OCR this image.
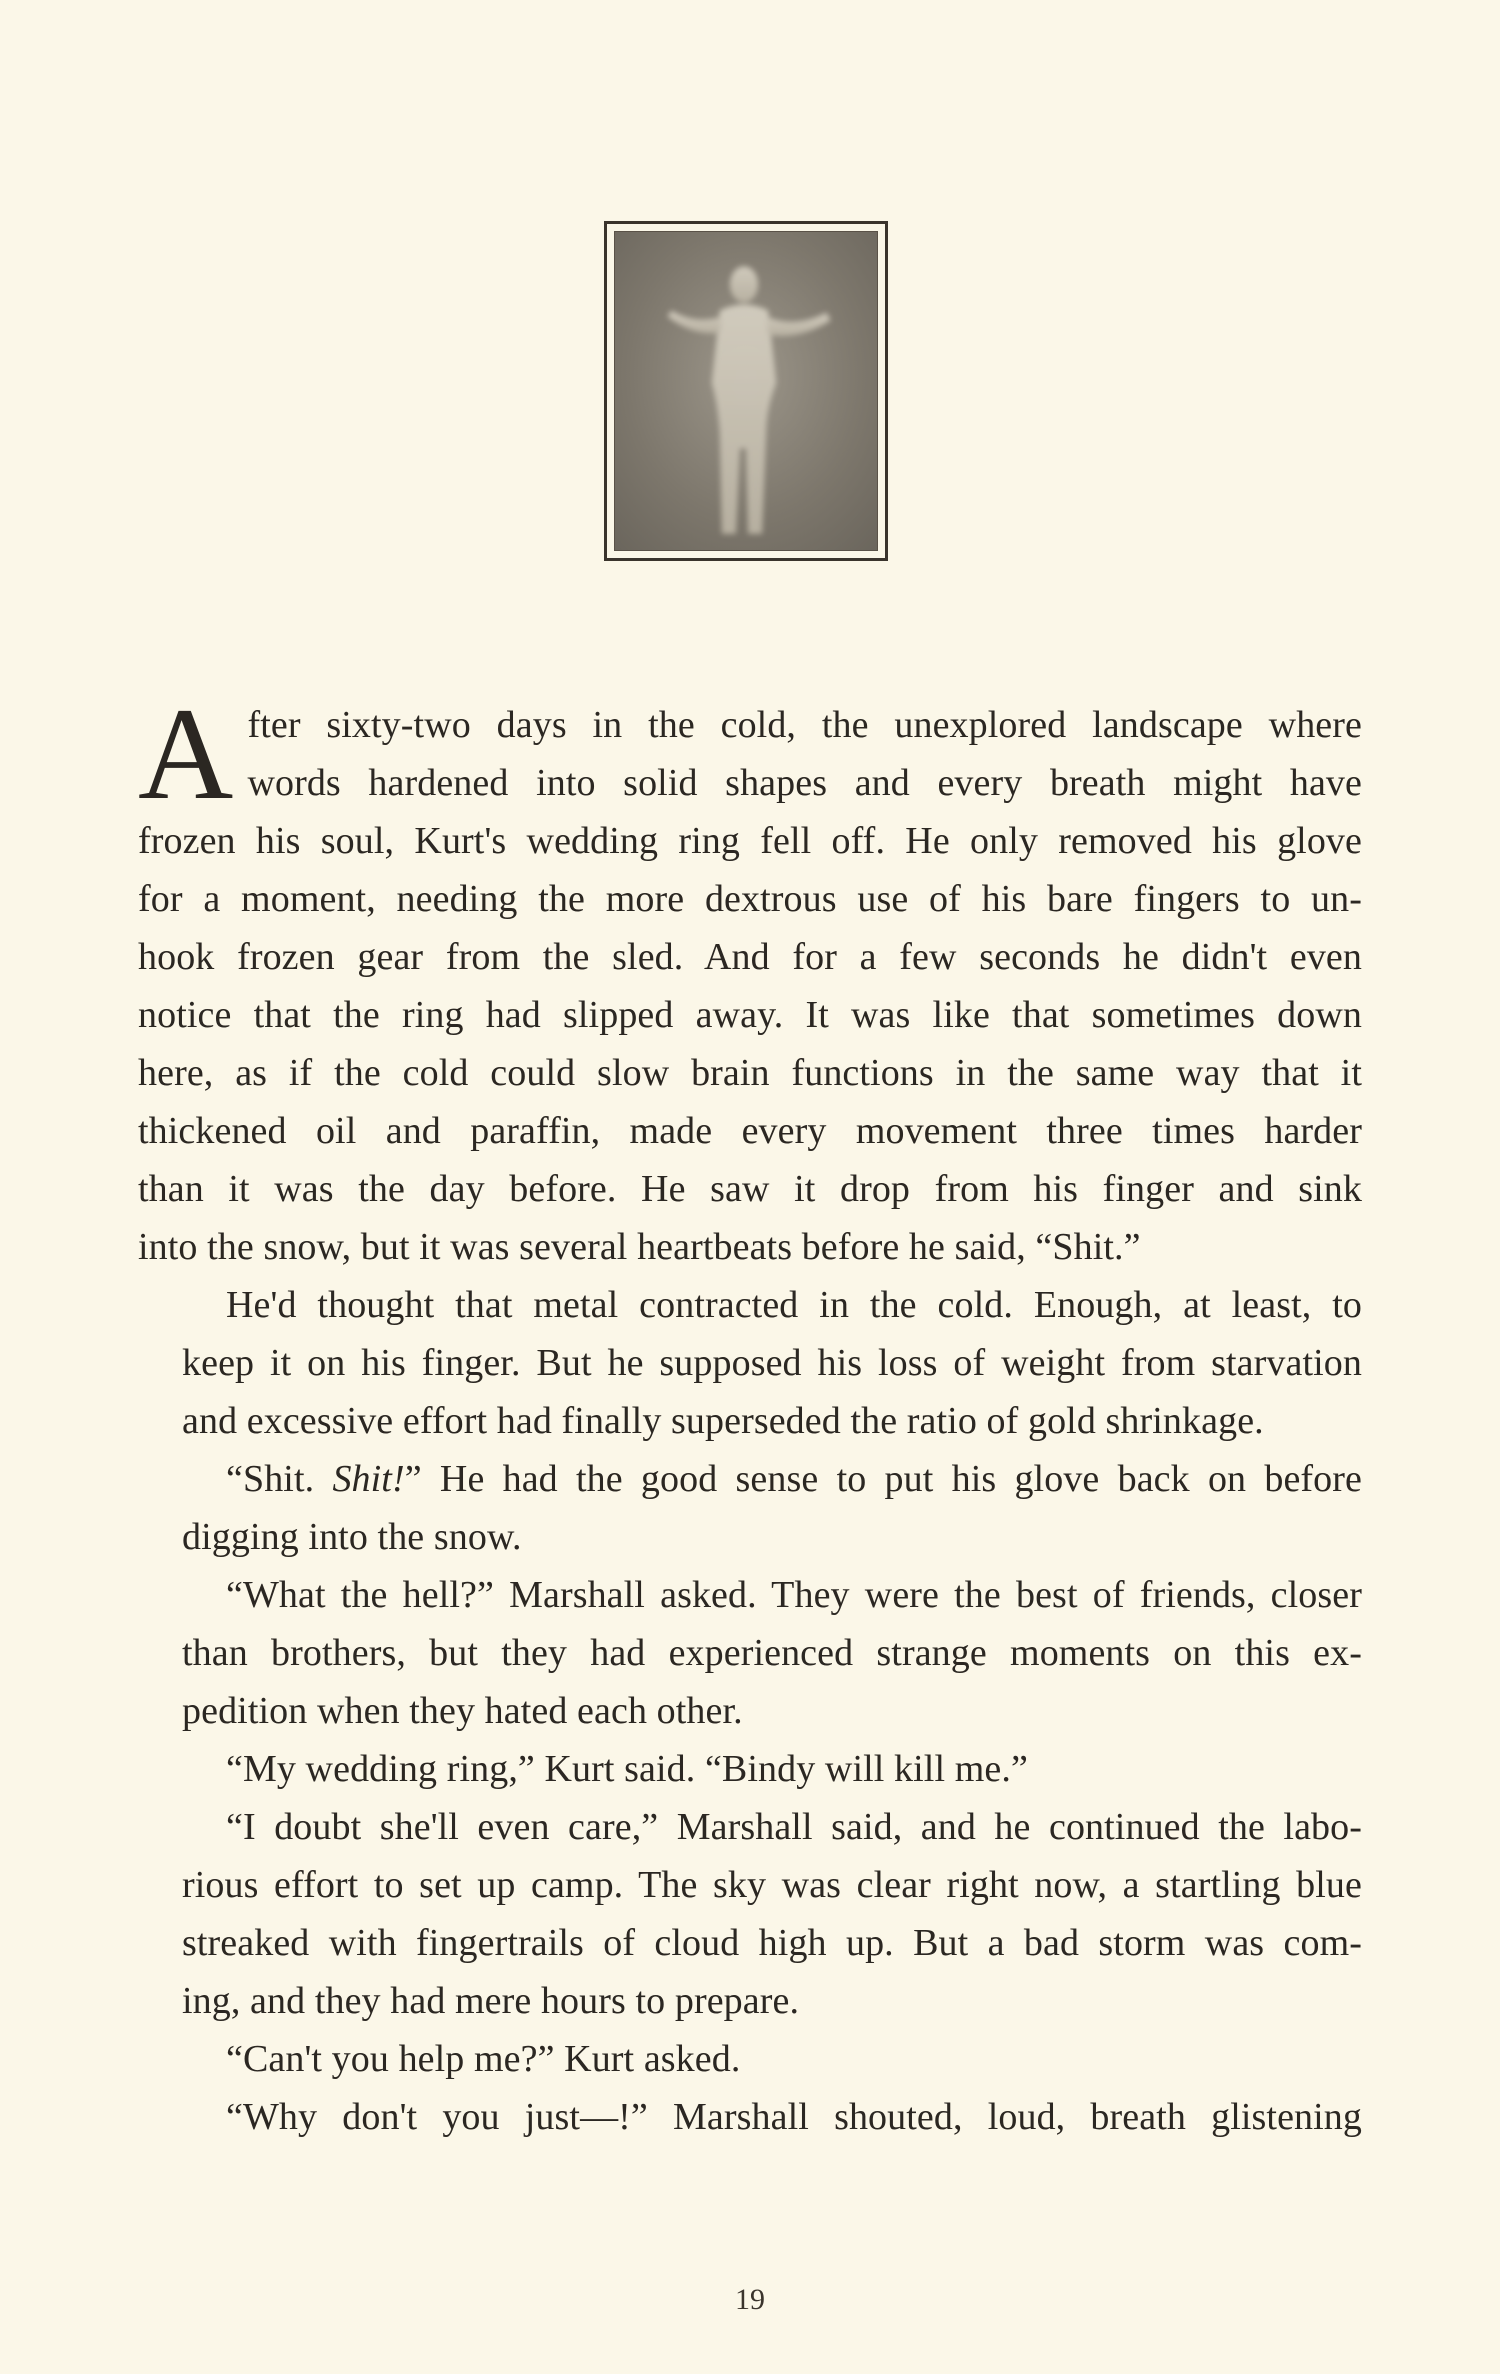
A fter sixty-two days in the cold, the unexplored landscape where
words hardened into solid shapes and every breath might have
frozen his soul, Kurt's wedding ring fell off. He only removed his glove
for a moment, needing the more dextrous use of his bare fingers to un-
hook frozen gear from the sled. And for a few seconds he didn't even
notice that the ring had slipped away. It was like that sometimes down
here, as if the cold could slow brain functions in the same way that it
thickened oil and paraffin, made every movement three times harder
than it was the day before. He saw it drop from his finger and sink
into the snow, but it was several heartbeats before he said, “Shit.”

He'd thought that metal contracted in the cold. Enough, at least, to
keep it on his finger. But he supposed his loss of weight from starvation
and excessive effort had finally superseded the ratio of gold shrinkage.

“Shit. Shit!” He had the good sense to put his glove back on before
digging into the snow.

“What the hell?” Marshall asked. They were the best of friends, closer
than brothers, but they had experienced strange moments on this ex-
pedition when they hated each other.

“My wedding ring,” Kurt said. “Bindy will kill me.”

“I doubt she'll even care,” Marshall said, and he continued the labo-
rious effort to set up camp. The sky was clear right now, a startling blue
streaked with fingertrails of cloud high up. But a bad storm was com-
ing, and they had mere hours to prepare.

“Can't you help me?” Kurt asked.

“Why don't you just—!” Marshall shouted, loud, breath glistening

19
